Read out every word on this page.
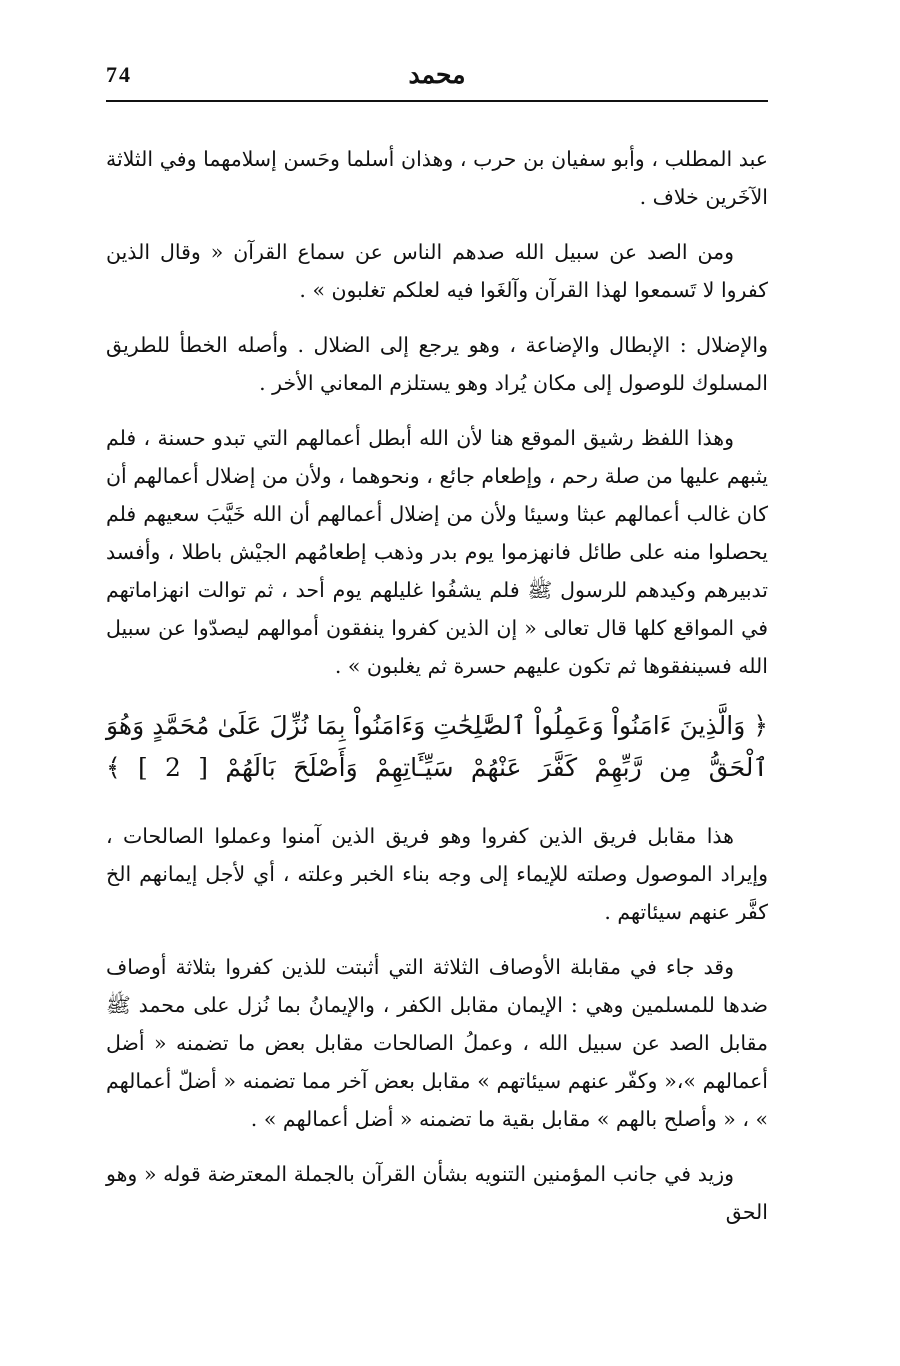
74	محمد

عبد المطلب ، وأبو سفيان بن حرب ، وهذان أسلما وحَسن إسلامهما وفي الثلاثة الآخَرين خلاف .

ومن الصد عن سبيل الله صدهم الناس عن سماع القرآن « وقال الذين كفروا لا تَسمعوا لهذا القرآن وآلغَوا فيه لعلكم تغلبون » .

والإضلال : الإبطال والإضاعة ، وهو يرجع إلى الضلال . وأصله الخطأ للطريق المسلوك للوصول إلى مكان يُراد وهو يستلزم المعاني الأخر .

وهذا اللفظ رشيق الموقع هنا لأن الله أبطل أعمالهم التي تبدو حسنة ، فلم يثبهم عليها من صلة رحم ، وإطعام جائع ، ونحوهما ، ولأن من إضلال أعمالهم أن كان غالب أعمالهم عبثا وسيئا ولأن من إضلال أعمالهم أن الله خَيَّبَ سعيهم فلم يحصلوا منه على طائل فانهزموا يوم بدر وذهب إطعامُهم الجيْش باطلا ، وأفسد تدبيرهم وكيدهم للرسول ﷺ فلم يشفُوا غليلهم يوم أحد ، ثم توالت انهزاماتهم في المواقع كلها قال تعالى « إن الذين كفروا ينفقون أموالهم ليصدّوا عن سبيل الله فسينفقوها ثم تكون عليهم حسرة ثم يغلبون » .

﴿ وَالَّذِينَ ءَامَنُواْ وَعَمِلُواْ ٱلصَّٰلِحَٰتِ وَءَامَنُواْ بِمَا نُزِّلَ عَلَىٰ مُحَمَّدٍ وَهُوَ ٱلْحَقُّ مِن رَّبِّهِمْ كَفَّرَ عَنْهُمْ سَيِّـَٔاتِهِمْ وَأَصْلَحَ بَالَهُمْ [ 2 ] ﴾

هذا مقابل فريق الذين كفروا وهو فريق الذين آمنوا وعملوا الصالحات ، وإيراد الموصول وصلته للإيماء إلى وجه بناء الخبر وعلته ، أي لأجل إيمانهم الخ كفَّر عنهم سيئاتهم .

وقد جاء في مقابلة الأوصاف الثلاثة التي أثبتت للذين كفروا بثلاثة أوصاف ضدها للمسلمين وهي : الإيمان مقابل الكفر ، والإيمانُ بما نُزل على محمد ﷺ مقابل الصد عن سبيل الله ، وعملُ الصالحات مقابل بعض ما تضمنه « أضل أعمالهم »،« وكفّر عنهم سيئاتهم » مقابل بعض آخر مما تضمنه « أضلّ أعمالهم » ، « وأصلح بالهم » مقابل بقية ما تضمنه « أضل أعمالهم » .

وزيد في جانب المؤمنين التنويه بشأن القرآن بالجملة المعترضة قوله « وهو الحق
